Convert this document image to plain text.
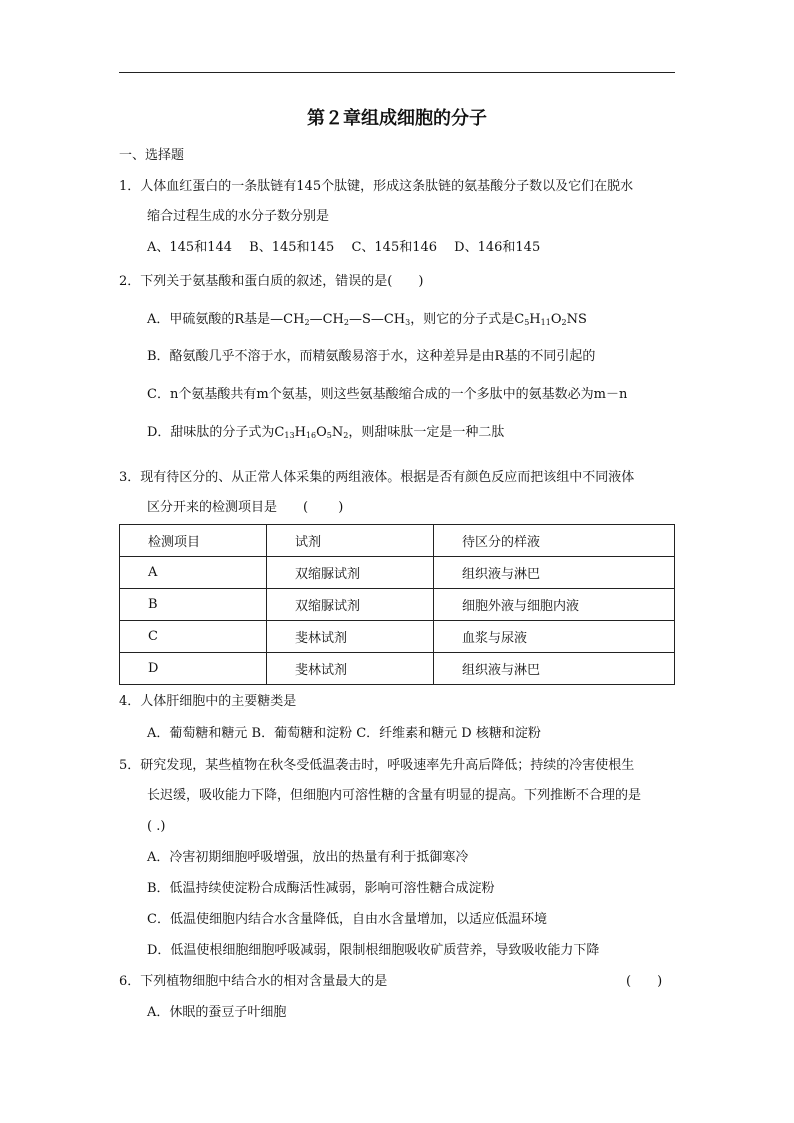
第２章组成细胞的分子
一、选择题
1．人体血红蛋白的一条肽链有145个肽键，形成这条肽链的氨基酸分子数以及它们在脱水
缩合过程生成的水分子数分别是
A、145和144　 B、145和145　 C、145和146　 D、146和145
2．下列关于氨基酸和蛋白质的叙述，错误的是(　　)
A．甲硫氨酸的R基是$—CH_2—CH_2—S—CH_3$，则它的分子式是$C_5H_{11}O_2NS$
B．酪氨酸几乎不溶于水，而精氨酸易溶于水，这种差异是由R基的不同引起的
C．n个氨基酸共有m个氨基，则这些氨基酸缩合成的一个多肽中的氨基数必为m－n
D．甜味肽的分子式为$C_{13}H_{16}O_5N_2$，则甜味肽一定是一种二肽
3．现有待区分的、从正常人体采集的两组液体。根据是否有颜色反应而把该组中不同液体
区分开来的检测项目是　　(　　 )
检测项目	试剂	待区分的样液
A	双缩脲试剂	组织液与淋巴
B	双缩脲试剂	细胞外液与细胞内液
C	斐林试剂	血浆与尿液
D	斐林试剂	组织液与淋巴
4．人体肝细胞中的主要糖类是
A．葡萄糖和糖元 B．葡萄糖和淀粉 C．纤维素和糖元 D 核糖和淀粉
5．研究发现，某些植物在秋冬受低温袭击时，呼吸速率先升高后降低；持续的冷害使根生
长迟缓，吸收能力下降，但细胞内可溶性糖的含量有明显的提高。下列推断不合理的是
( .)
A．冷害初期细胞呼吸增强，放出的热量有利于抵御寒冷
B．低温持续使淀粉合成酶活性减弱，影响可溶性糖合成淀粉
C．低温使细胞内结合水含量降低，自由水含量增加，以适应低温环境
D．低温使根细胞细胞呼吸减弱，限制根细胞吸收矿质营养，导致吸收能力下降
6．下列植物细胞中结合水的相对含量最大的是	(　　)
A．休眠的蚕豆子叶细胞
